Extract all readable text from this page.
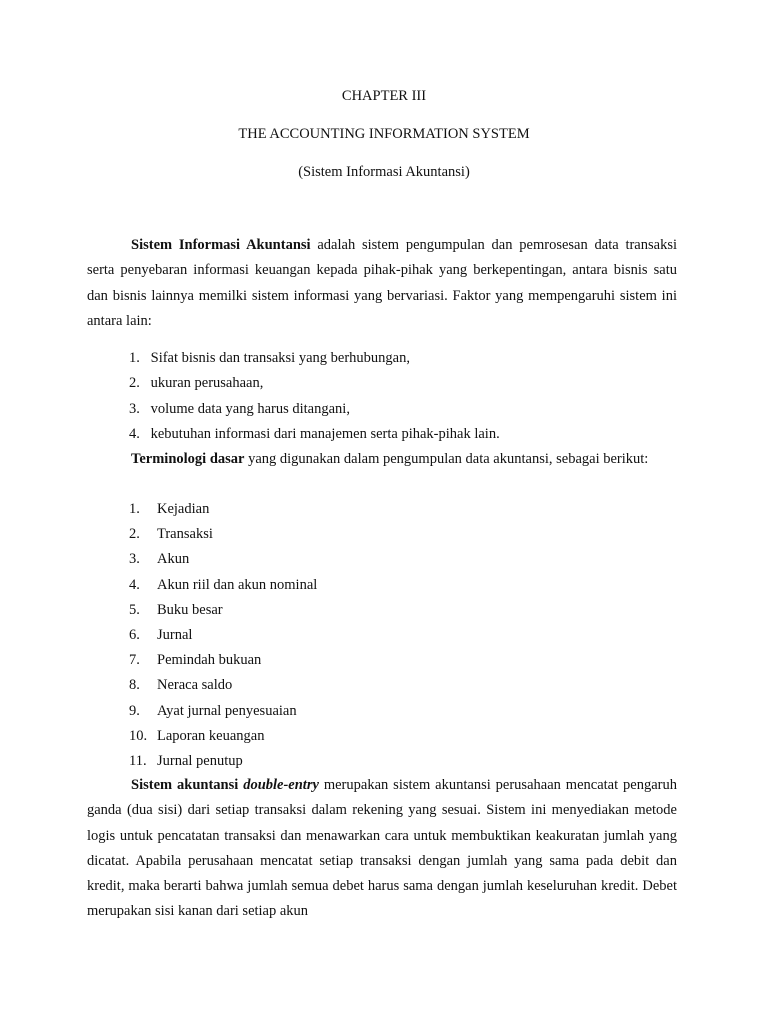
CHAPTER III
THE ACCOUNTING INFORMATION SYSTEM
(Sistem Informasi Akuntansi)

Sistem Informasi Akuntansi adalah sistem pengumpulan dan pemrosesan data transaksi serta penyebaran informasi keuangan kepada pihak-pihak yang berkepentingan, antara bisnis satu dan bisnis lainnya memilki sistem informasi yang bervariasi. Faktor yang mempengaruhi sistem ini antara lain:

1. Sifat bisnis dan transaksi yang berhubungan,
2. ukuran perusahaan,
3. volume data yang harus ditangani,
4. kebutuhan informasi dari manajemen serta pihak-pihak lain.

Terminologi dasar yang digunakan dalam pengumpulan data akuntansi, sebagai berikut:

1. Kejadian
2. Transaksi
3. Akun
4. Akun riil dan akun nominal
5. Buku besar
6. Jurnal
7. Pemindah bukuan
8. Neraca saldo
9. Ayat jurnal penyesuaian
10. Laporan keuangan
11. Jurnal penutup

Sistem akuntansi double-entry merupakan sistem akuntansi perusahaan mencatat pengaruh ganda (dua sisi) dari setiap transaksi dalam rekening yang sesuai. Sistem ini menyediakan metode logis untuk pencatatan transaksi dan menawarkan cara untuk membuktikan keakuratan jumlah yang dicatat. Apabila perusahaan mencatat setiap transaksi dengan jumlah yang sama pada debit dan kredit, maka berarti bahwa jumlah semua debet harus sama dengan jumlah keseluruhan kredit. Debet merupakan sisi kanan dari setiap akun
